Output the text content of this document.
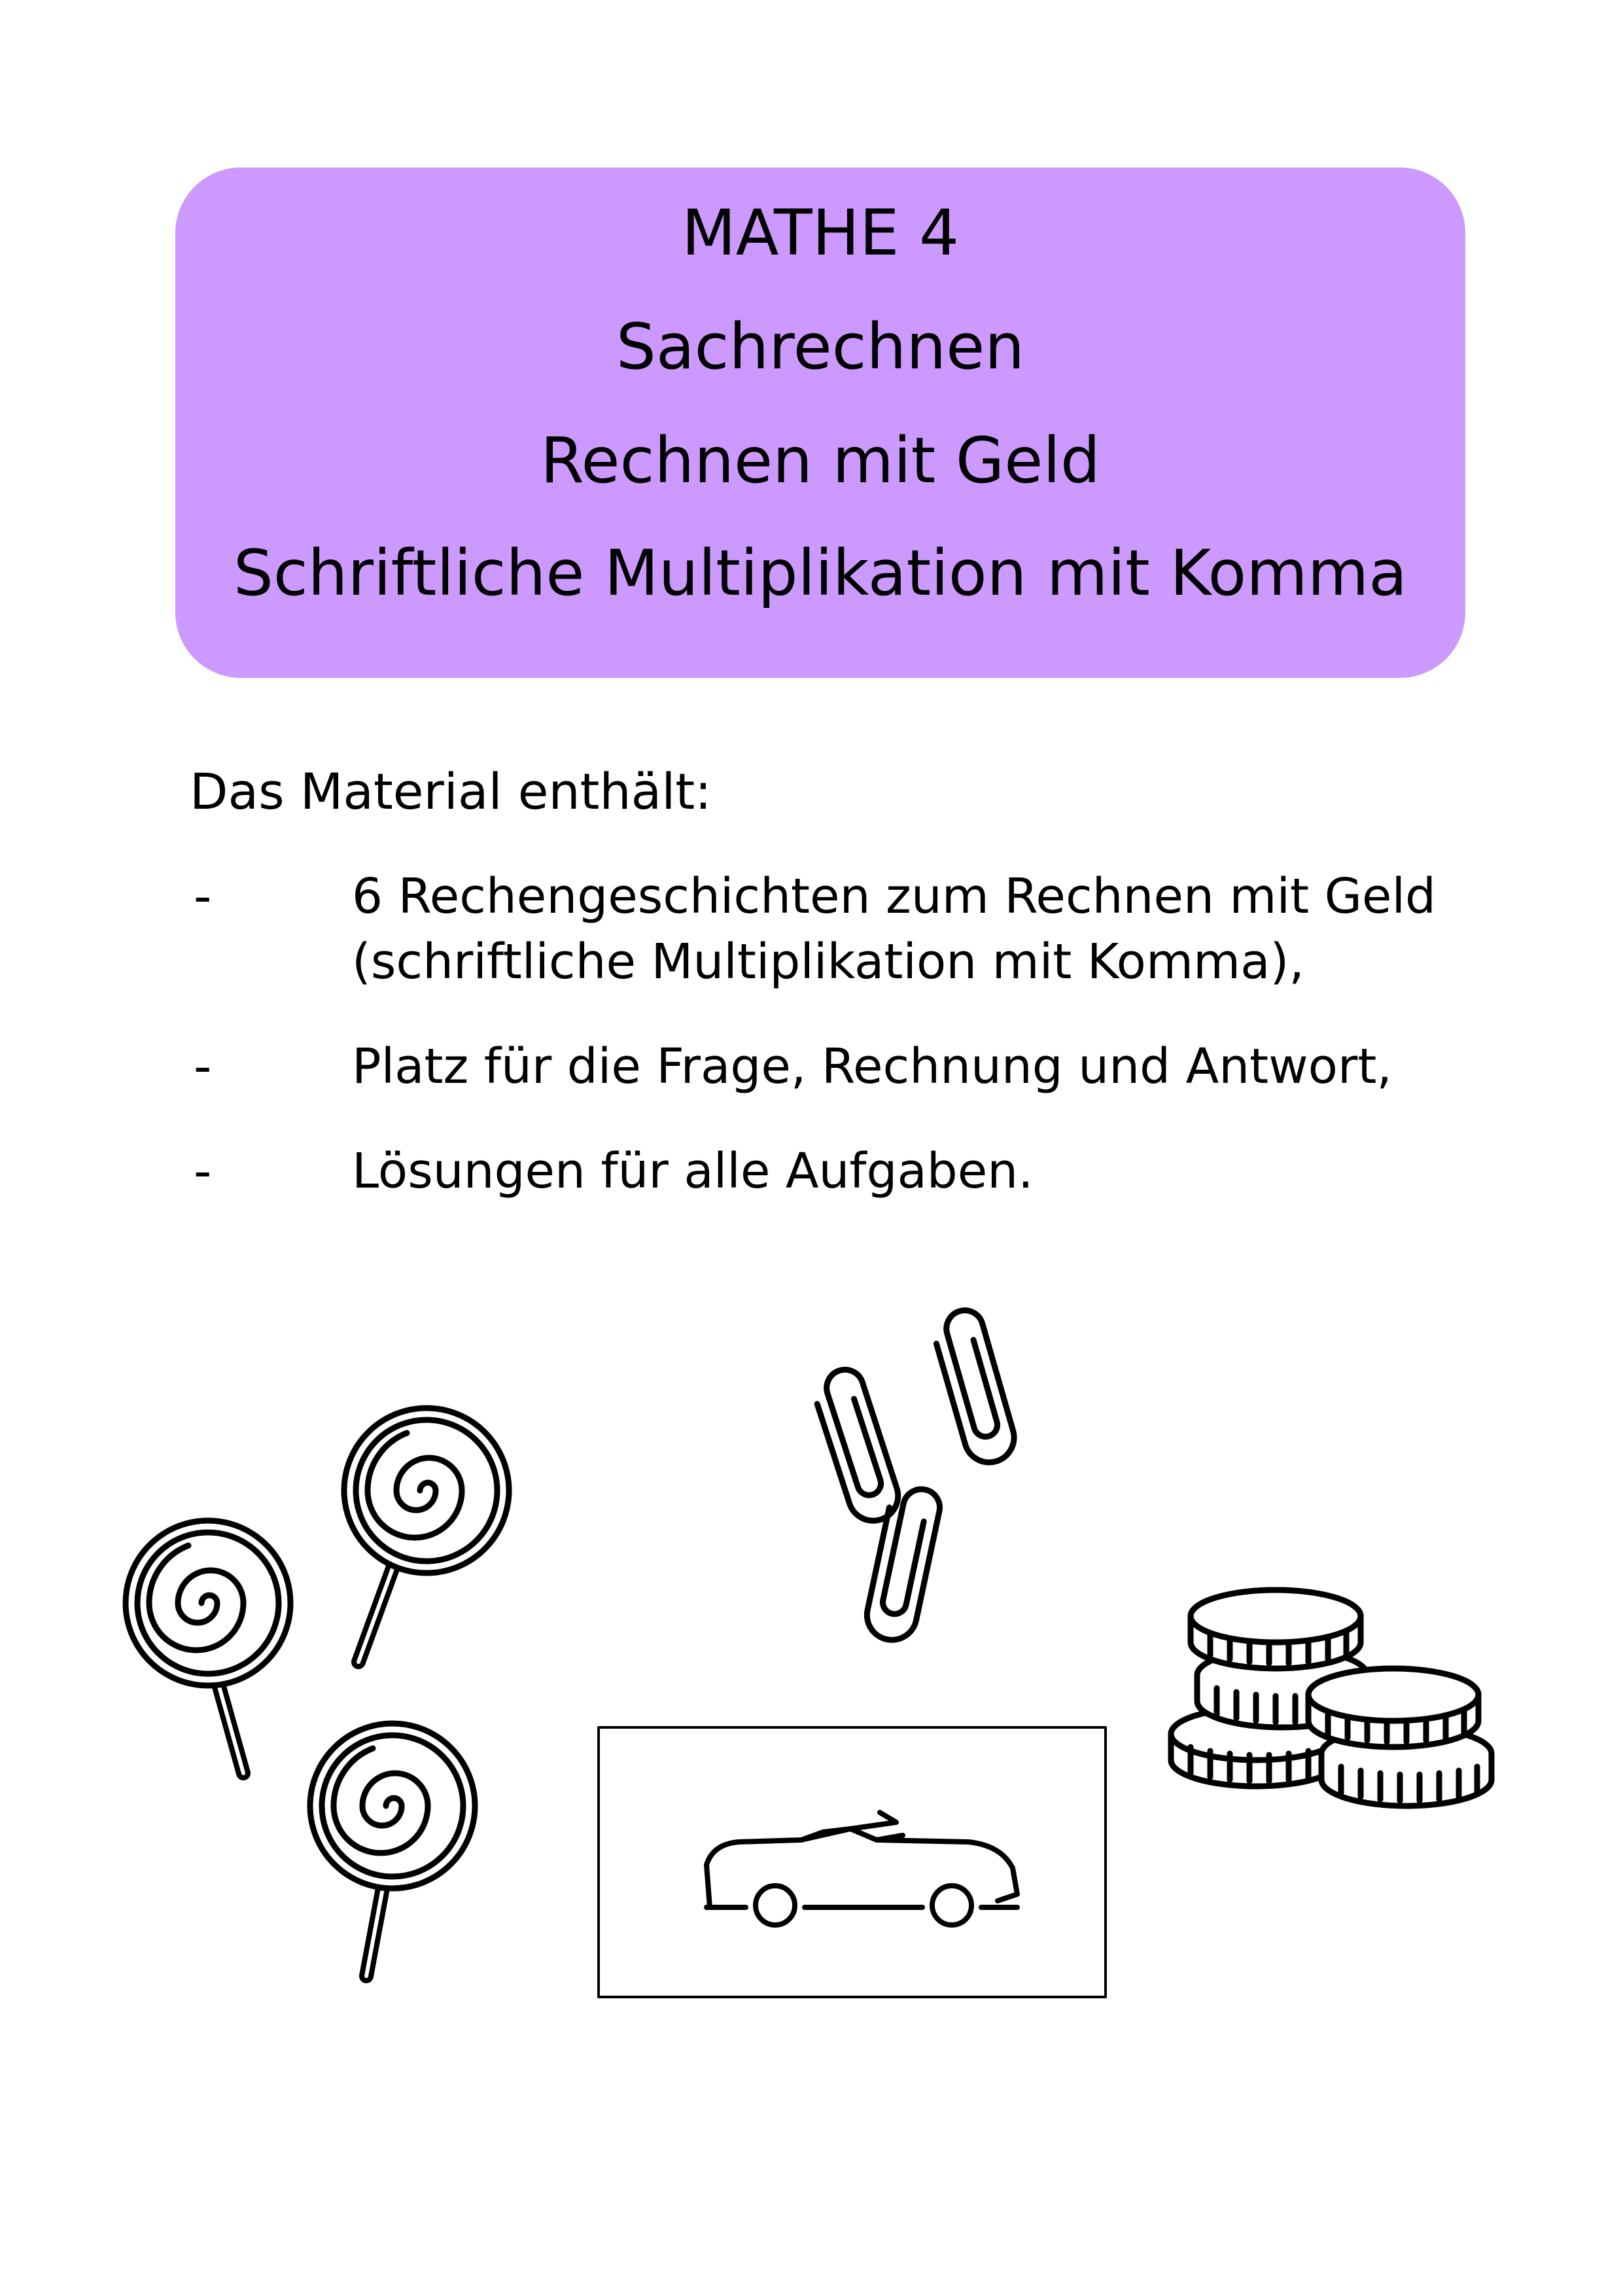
MATHE 4
Sachrechnen
Rechnen mit Geld
Schriftliche Multiplikation mit Komma
Das Material enthält:
-	6 Rechengeschichten zum Rechnen mit Geld
(schriftliche Multiplikation mit Komma),
-	Platz für die Frage, Rechnung und Antwort,
-	Lösungen für alle Aufgaben.
